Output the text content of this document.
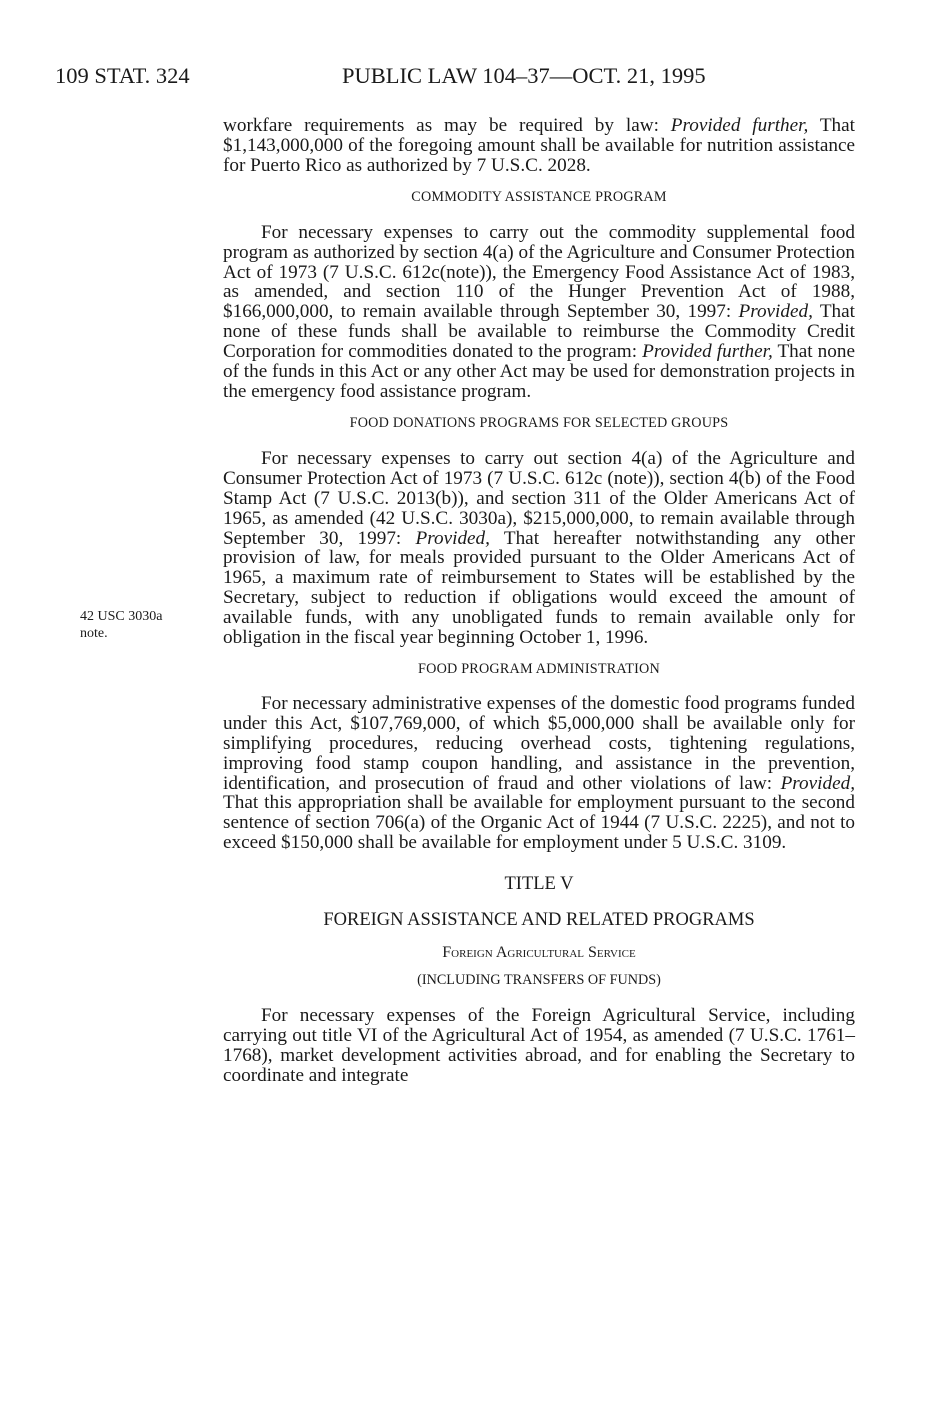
109 STAT. 324	PUBLIC LAW 104–37—OCT. 21, 1995
42 USC 3030a
note.

workfare requirements as may be required by law: Provided further, That $1,143,000,000 of the foregoing amount shall be available for nutrition assistance for Puerto Rico as authorized by 7 U.S.C. 2028.

COMMODITY ASSISTANCE PROGRAM

For necessary expenses to carry out the commodity supplemental food program as authorized by section 4(a) of the Agriculture and Consumer Protection Act of 1973 (7 U.S.C. 612c(note)), the Emergency Food Assistance Act of 1983, as amended, and section 110 of the Hunger Prevention Act of 1988, $166,000,000, to remain available through September 30, 1997: Provided, That none of these funds shall be available to reimburse the Commodity Credit Corporation for commodities donated to the program: Provided further, That none of the funds in this Act or any other Act may be used for demonstration projects in the emergency food assistance program.

FOOD DONATIONS PROGRAMS FOR SELECTED GROUPS

For necessary expenses to carry out section 4(a) of the Agriculture and Consumer Protection Act of 1973 (7 U.S.C. 612c (note)), section 4(b) of the Food Stamp Act (7 U.S.C. 2013(b)), and section 311 of the Older Americans Act of 1965, as amended (42 U.S.C. 3030a), $215,000,000, to remain available through September 30, 1997: Provided, That hereafter notwithstanding any other provision of law, for meals provided pursuant to the Older Americans Act of 1965, a maximum rate of reimbursement to States will be established by the Secretary, subject to reduction if obligations would exceed the amount of available funds, with any unobligated funds to remain available only for obligation in the fiscal year beginning October 1, 1996.

FOOD PROGRAM ADMINISTRATION

For necessary administrative expenses of the domestic food programs funded under this Act, $107,769,000, of which $5,000,000 shall be available only for simplifying procedures, reducing overhead costs, tightening regulations, improving food stamp coupon handling, and assistance in the prevention, identification, and prosecution of fraud and other violations of law: Provided, That this appropriation shall be available for employment pursuant to the second sentence of section 706(a) of the Organic Act of 1944 (7 U.S.C. 2225), and not to exceed $150,000 shall be available for employment under 5 U.S.C. 3109.

TITLE V

FOREIGN ASSISTANCE AND RELATED PROGRAMS

Foreign Agricultural Service

(INCLUDING TRANSFERS OF FUNDS)

For necessary expenses of the Foreign Agricultural Service, including carrying out title VI of the Agricultural Act of 1954, as amended (7 U.S.C. 1761–1768), market development activities abroad, and for enabling the Secretary to coordinate and integrate
